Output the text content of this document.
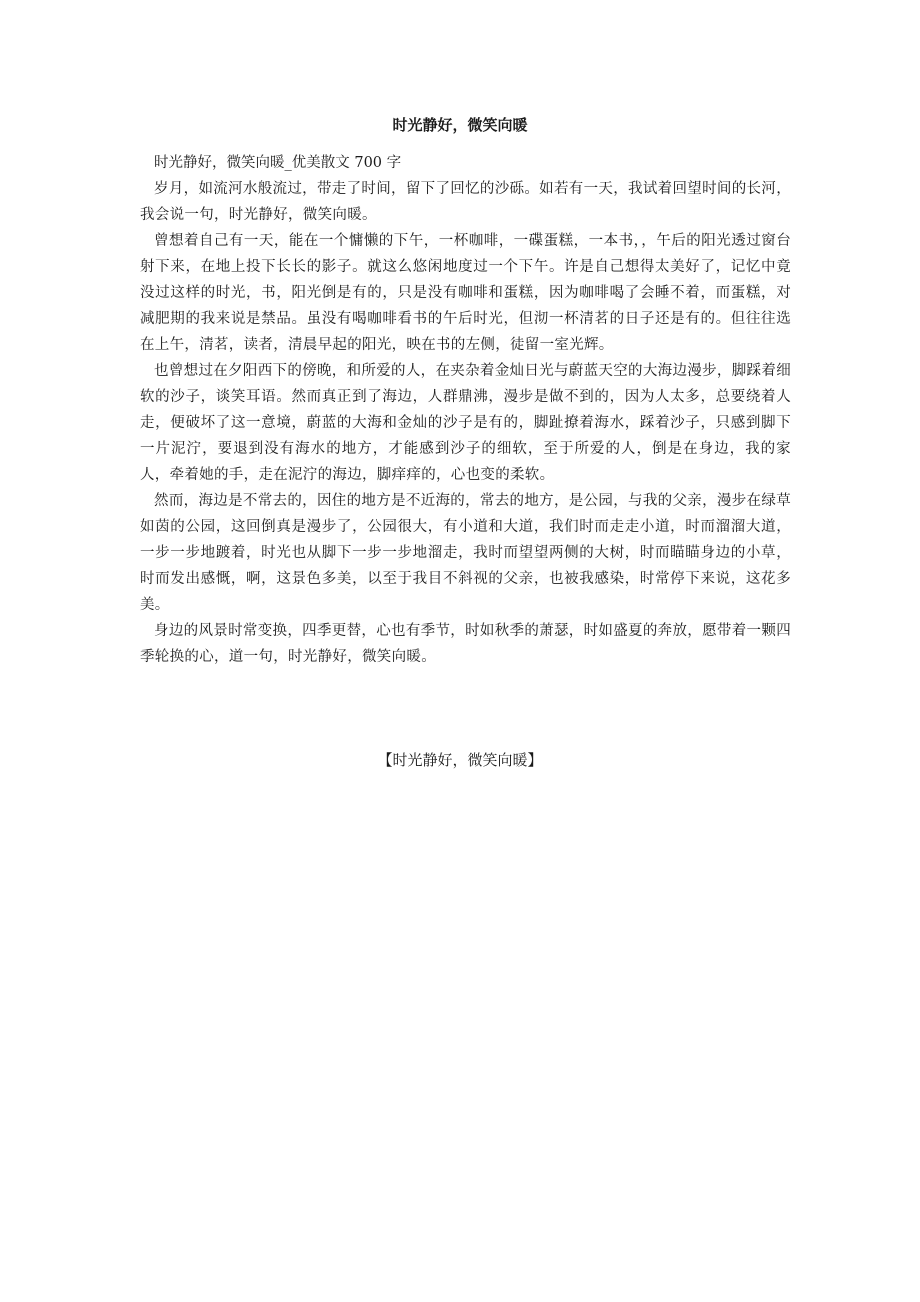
时光静好，微笑向暖

时光静好，微笑向暖_优美散文 700 字

岁月，如流河水般流过，带走了时间，留下了回忆的沙砾。如若有一天，我试着回望时间的长河，我会说一句，时光静好，微笑向暖。

曾想着自己有一天，能在一个慵懒的下午，一杯咖啡，一碟蛋糕，一本书，，午后的阳光透过窗台射下来，在地上投下长长的影子。就这么悠闲地度过一个下午。许是自己想得太美好了，记忆中竟没过这样的时光，书，阳光倒是有的，只是没有咖啡和蛋糕，因为咖啡喝了会睡不着，而蛋糕，对减肥期的我来说是禁品。虽没有喝咖啡看书的午后时光，但沏一杯清茗的日子还是有的。但往往选在上午，清茗，读者，清晨早起的阳光，映在书的左侧，徒留一室光辉。

也曾想过在夕阳西下的傍晚，和所爱的人，在夹杂着金灿日光与蔚蓝天空的大海边漫步，脚踩着细软的沙子，谈笑耳语。然而真正到了海边，人群鼎沸，漫步是做不到的，因为人太多，总要绕着人走，便破坏了这一意境，蔚蓝的大海和金灿的沙子是有的，脚趾撩着海水，踩着沙子，只感到脚下一片泥泞，要退到没有海水的地方，才能感到沙子的细软，至于所爱的人，倒是在身边，我的家人，牵着她的手，走在泥泞的海边，脚痒痒的，心也变的柔软。

然而，海边是不常去的，因住的地方是不近海的，常去的地方，是公园，与我的父亲，漫步在绿草如茵的公园，这回倒真是漫步了，公园很大，有小道和大道，我们时而走走小道，时而溜溜大道，一步一步地踱着，时光也从脚下一步一步地溜走，我时而望望两侧的大树，时而瞄瞄身边的小草，时而发出感慨，啊，这景色多美，以至于我目不斜视的父亲，也被我感染，时常停下来说，这花多美。

身边的风景时常变换，四季更替，心也有季节，时如秋季的萧瑟，时如盛夏的奔放，愿带着一颗四季轮换的心，道一句，时光静好，微笑向暖。

【时光静好，微笑向暖】
